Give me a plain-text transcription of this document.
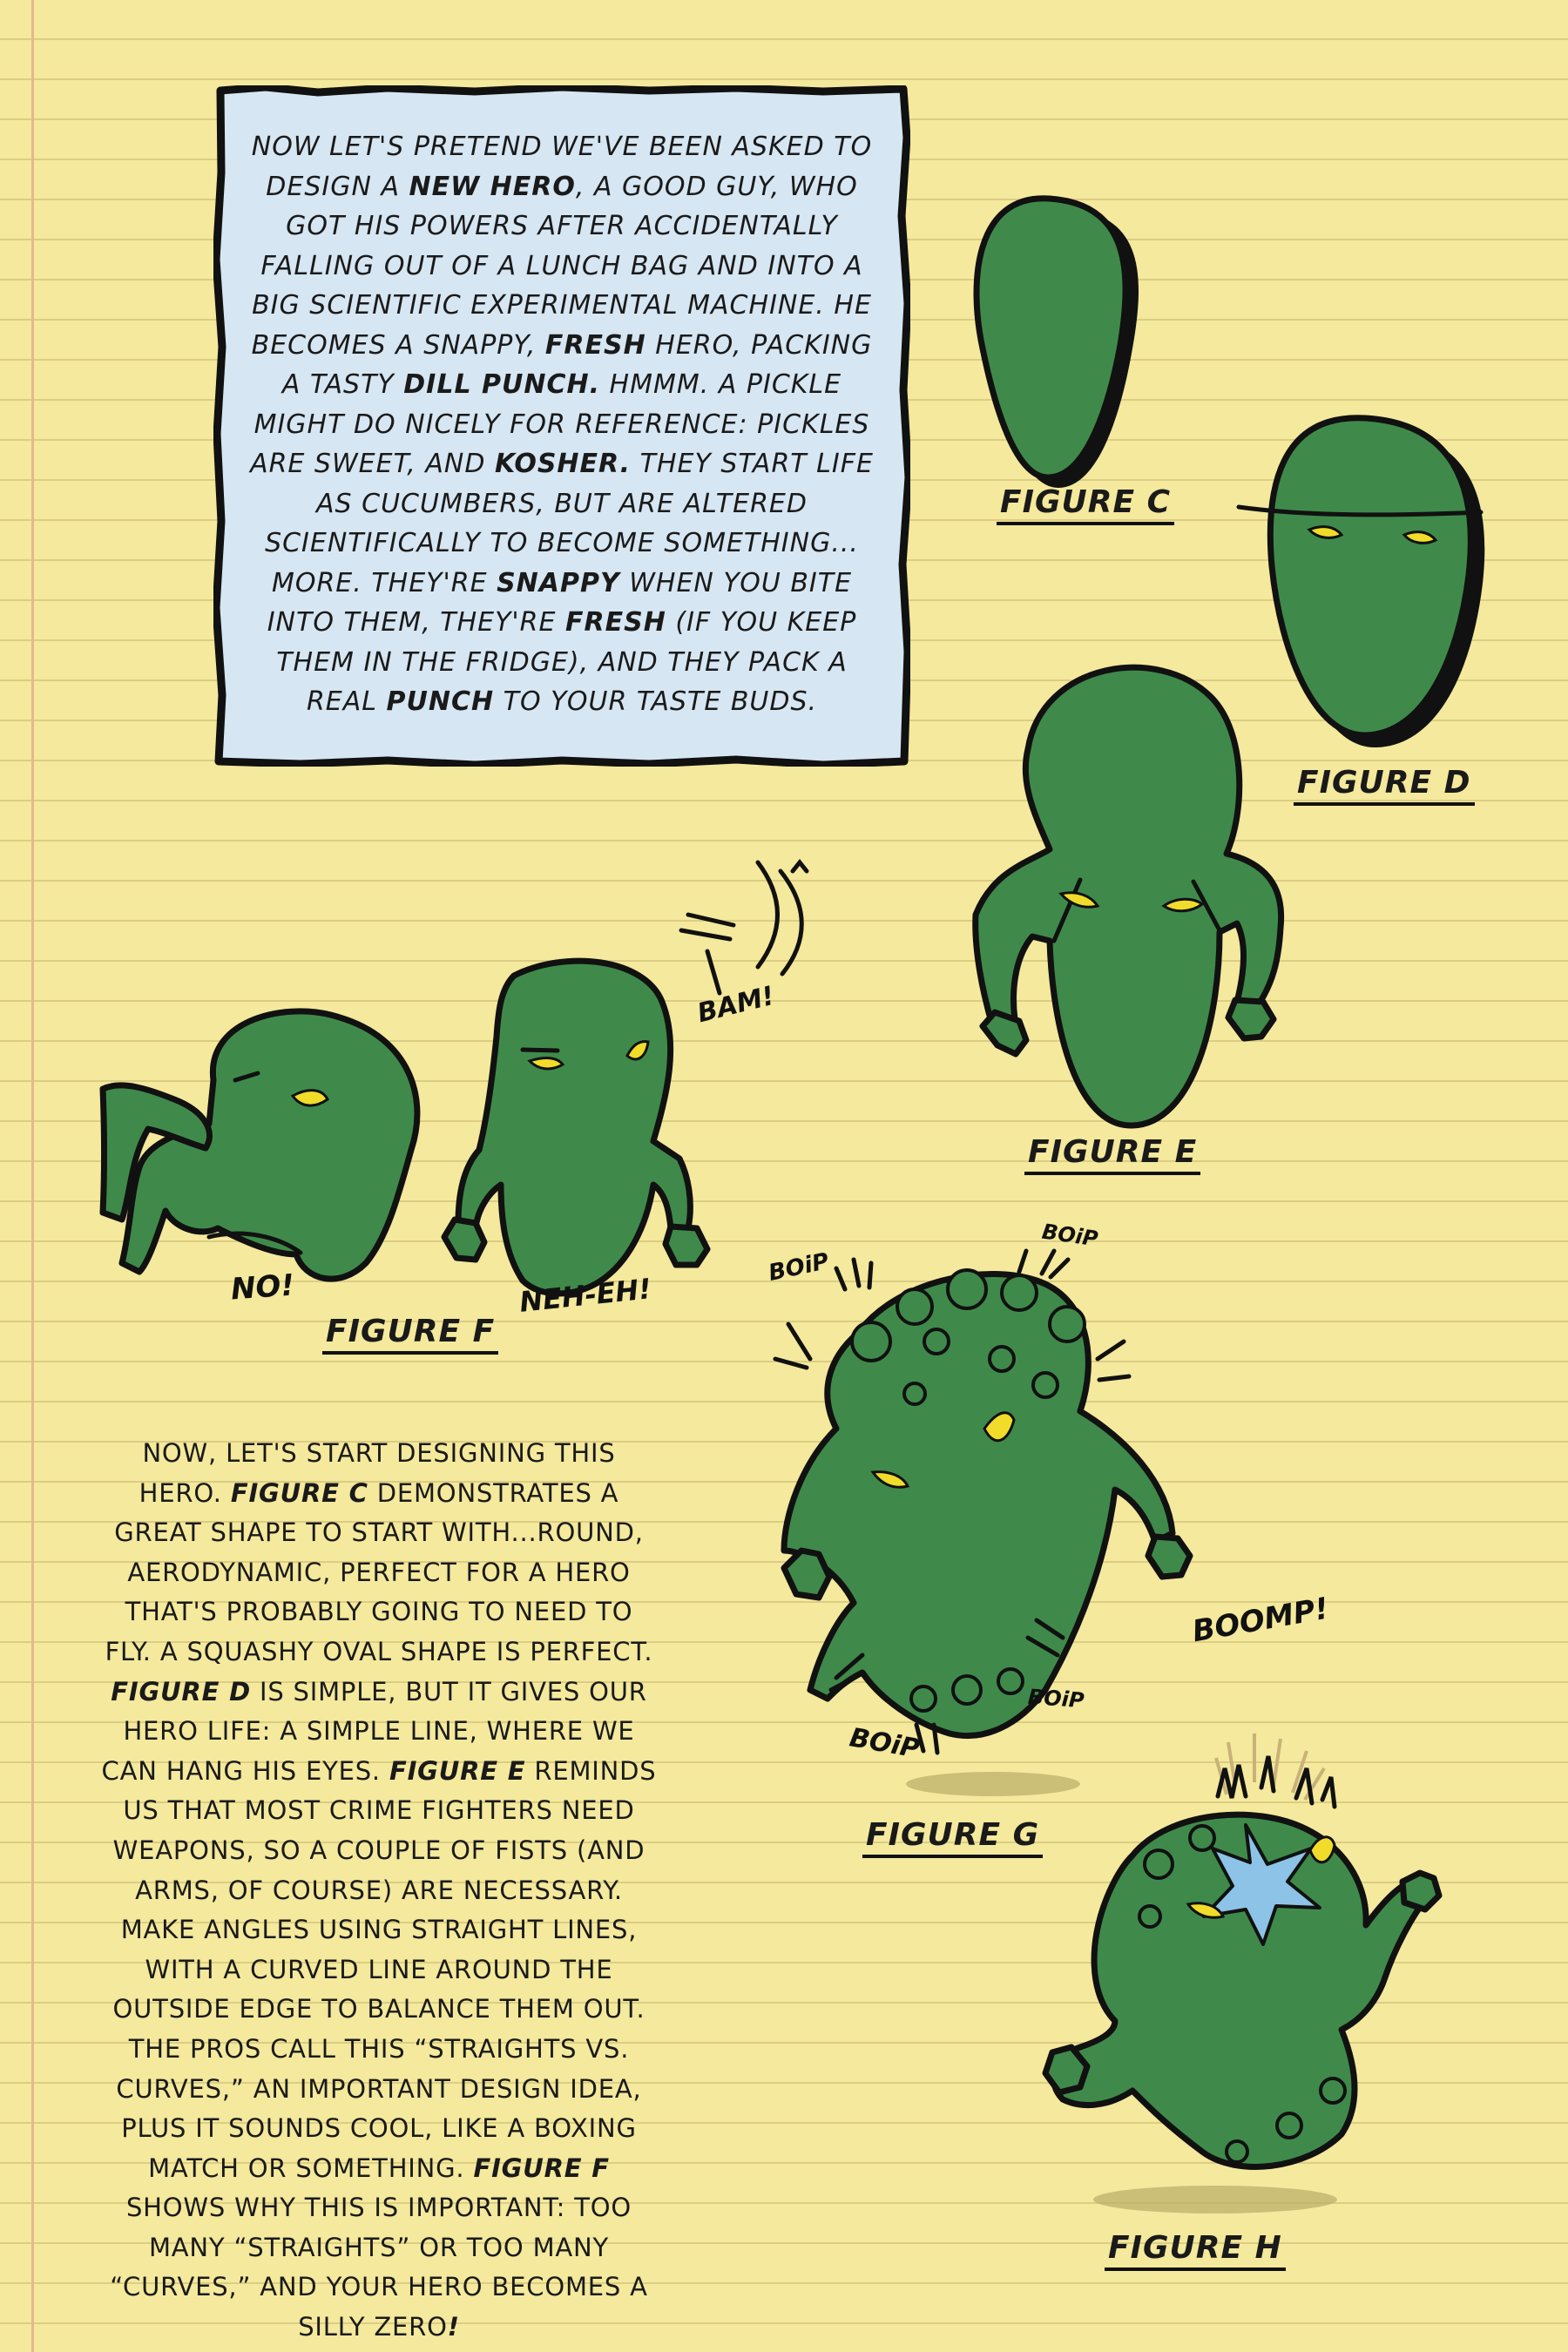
NOW LET'S PRETEND WE'VE BEEN ASKED TO DESIGN A NEW HERO, A GOOD GUY, WHO GOT HIS POWERS AFTER ACCIDENTALLY FALLING OUT OF A LUNCH BAG AND INTO A BIG SCIENTIFIC EXPERIMENTAL MACHINE. HE BECOMES A SNAPPY, FRESH HERO, PACKING A TASTY DILL PUNCH. HMMM. A PICKLE MIGHT DO NICELY FOR REFERENCE: PICKLES ARE SWEET, AND KOSHER. THEY START LIFE AS CUCUMBERS, BUT ARE ALTERED SCIENTIFICALLY TO BECOME SOMETHING... MORE. THEY'RE SNAPPY WHEN YOU BITE INTO THEM, THEY'RE FRESH (IF YOU KEEP THEM IN THE FRIDGE), AND THEY PACK A REAL PUNCH TO YOUR TASTE BUDS.
NOW, LET'S START DESIGNING THIS HERO. FIGURE C DEMONSTRATES A GREAT SHAPE TO START WITH...ROUND, AERODYNAMIC, PERFECT FOR A HERO THAT'S PROBABLY GOING TO NEED TO FLY. A SQUASHY OVAL SHAPE IS PERFECT. FIGURE D IS SIMPLE, BUT IT GIVES OUR HERO LIFE: A SIMPLE LINE, WHERE WE CAN HANG HIS EYES. FIGURE E REMINDS US THAT MOST CRIME FIGHTERS NEED WEAPONS, SO A COUPLE OF FISTS (AND ARMS, OF COURSE) ARE NECESSARY. MAKE ANGLES USING STRAIGHT LINES, WITH A CURVED LINE AROUND THE OUTSIDE EDGE TO BALANCE THEM OUT. THE PROS CALL THIS “STRAIGHTS VS. CURVES,” AN IMPORTANT DESIGN IDEA, PLUS IT SOUNDS COOL, LIKE A BOXING MATCH OR SOMETHING. FIGURE F SHOWS WHY THIS IS IMPORTANT: TOO MANY “STRAIGHTS” OR TOO MANY “CURVES,” AND YOUR HERO BECOMES A SILLY ZERO!
FIGURE C
FIGURE D
FIGURE E
FIGURE F
FIGURE G
FIGURE H
BAM!
NO!	NEH-EH!
BOiP
BOiP
BOiP
BOiP
BOOMP!
